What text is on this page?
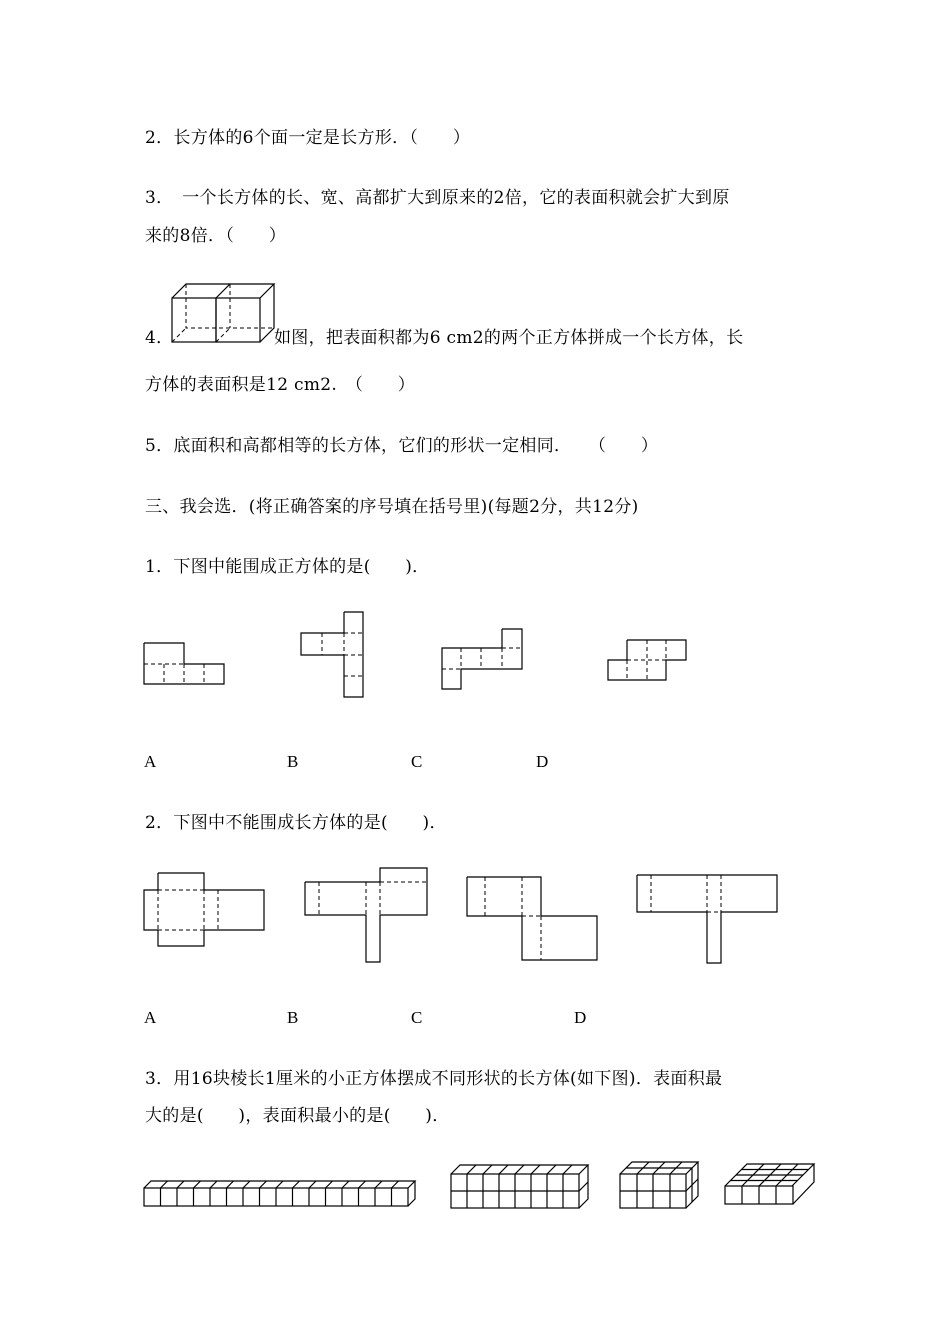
2．长方体的6个面一定是长方形．（　　）
3．　一个长方体的长、宽、高都扩大到原来的2倍，它的表面积就会扩大到原
来的8倍．（　　）
4．	如图，把表面积都为6 cm2的两个正方体拼成一个长方体，长
方体的表面积是12 cm2.　（　　）
5．底面积和高都相等的长方体，它们的形状一定相同．　　（　　）
三、我会选．(将正确答案的序号填在括号里)(每题2分，共12分)
1．下图中能围成正方体的是(　　)．
A	B	C	D
2．下图中不能围成长方体的是(　　)．
A	B	C	D
3．用16块棱长1厘米的小正方体摆成不同形状的长方体(如下图)．表面积最
大的是(　　)，表面积最小的是(　　)．
